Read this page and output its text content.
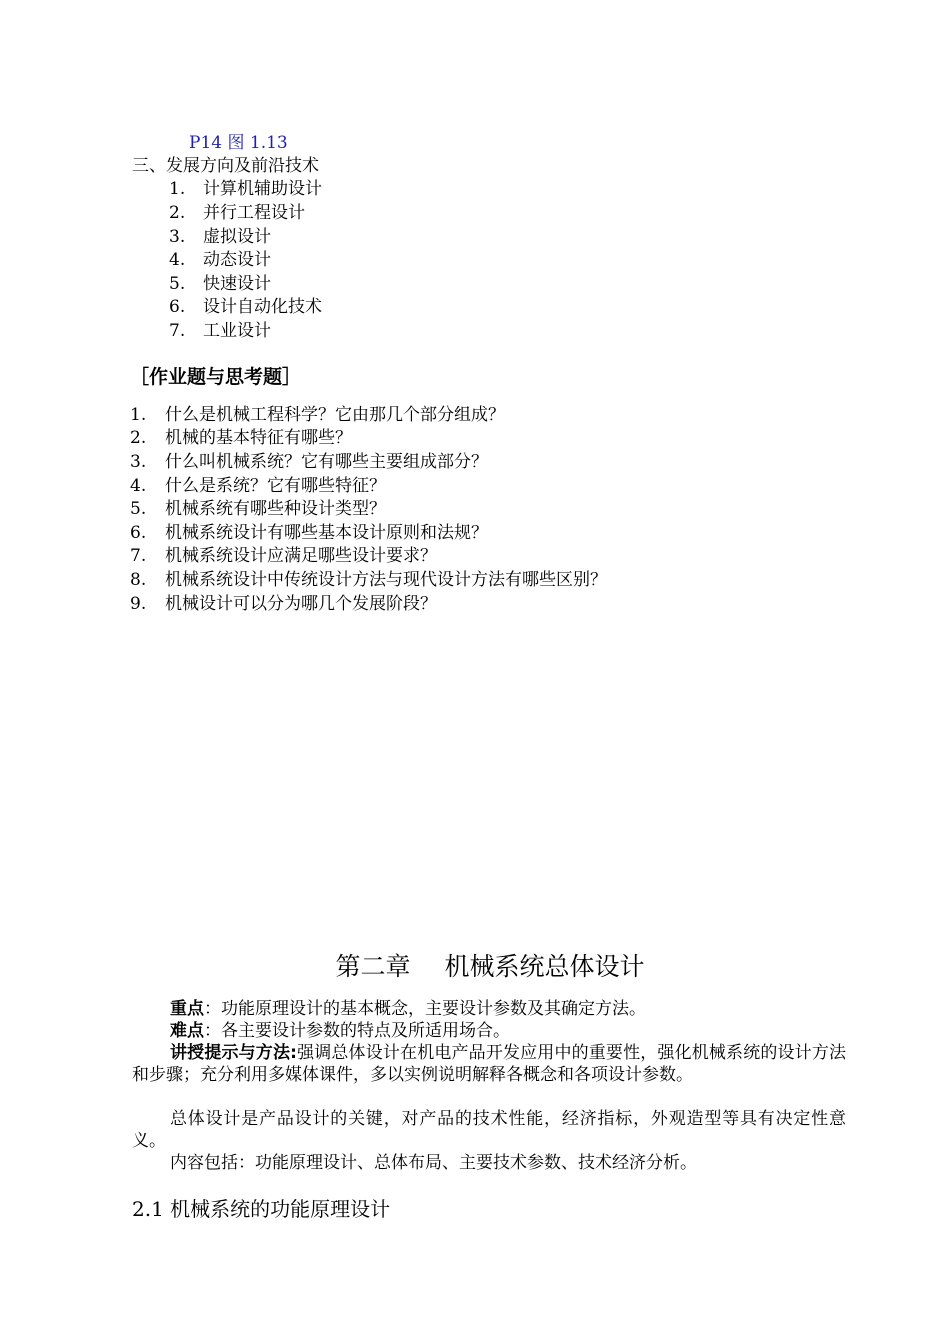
P14 图 1.13
三、发展方向及前沿技术
1. 计算机辅助设计
2. 并行工程设计
3. 虚拟设计
4. 动态设计
5. 快速设计
6. 设计自动化技术
7. 工业设计
［作业题与思考题］
1. 什么是机械工程科学？它由那几个部分组成？
2. 机械的基本特征有哪些？
3. 什么叫机械系统？它有哪些主要组成部分？
4. 什么是系统？它有哪些特征？
5. 机械系统有哪些种设计类型？
6. 机械系统设计有哪些基本设计原则和法规？
7. 机械系统设计应满足哪些设计要求？
8. 机械系统设计中传统设计方法与现代设计方法有哪些区别？
9. 机械设计可以分为哪几个发展阶段？
第二章 机械系统总体设计
重点：功能原理设计的基本概念，主要设计参数及其确定方法。
难点：各主要设计参数的特点及所适用场合。
讲授提示与方法:强调总体设计在机电产品开发应用中的重要性，强化机械系统的设计方法和步骤；充分利用多媒体课件，多以实例说明解释各概念和各项设计参数。
总体设计是产品设计的关键，对产品的技术性能，经济指标，外观造型等具有决定性意义。
内容包括：功能原理设计、总体布局、主要技术参数、技术经济分析。
2.1 机械系统的功能原理设计
